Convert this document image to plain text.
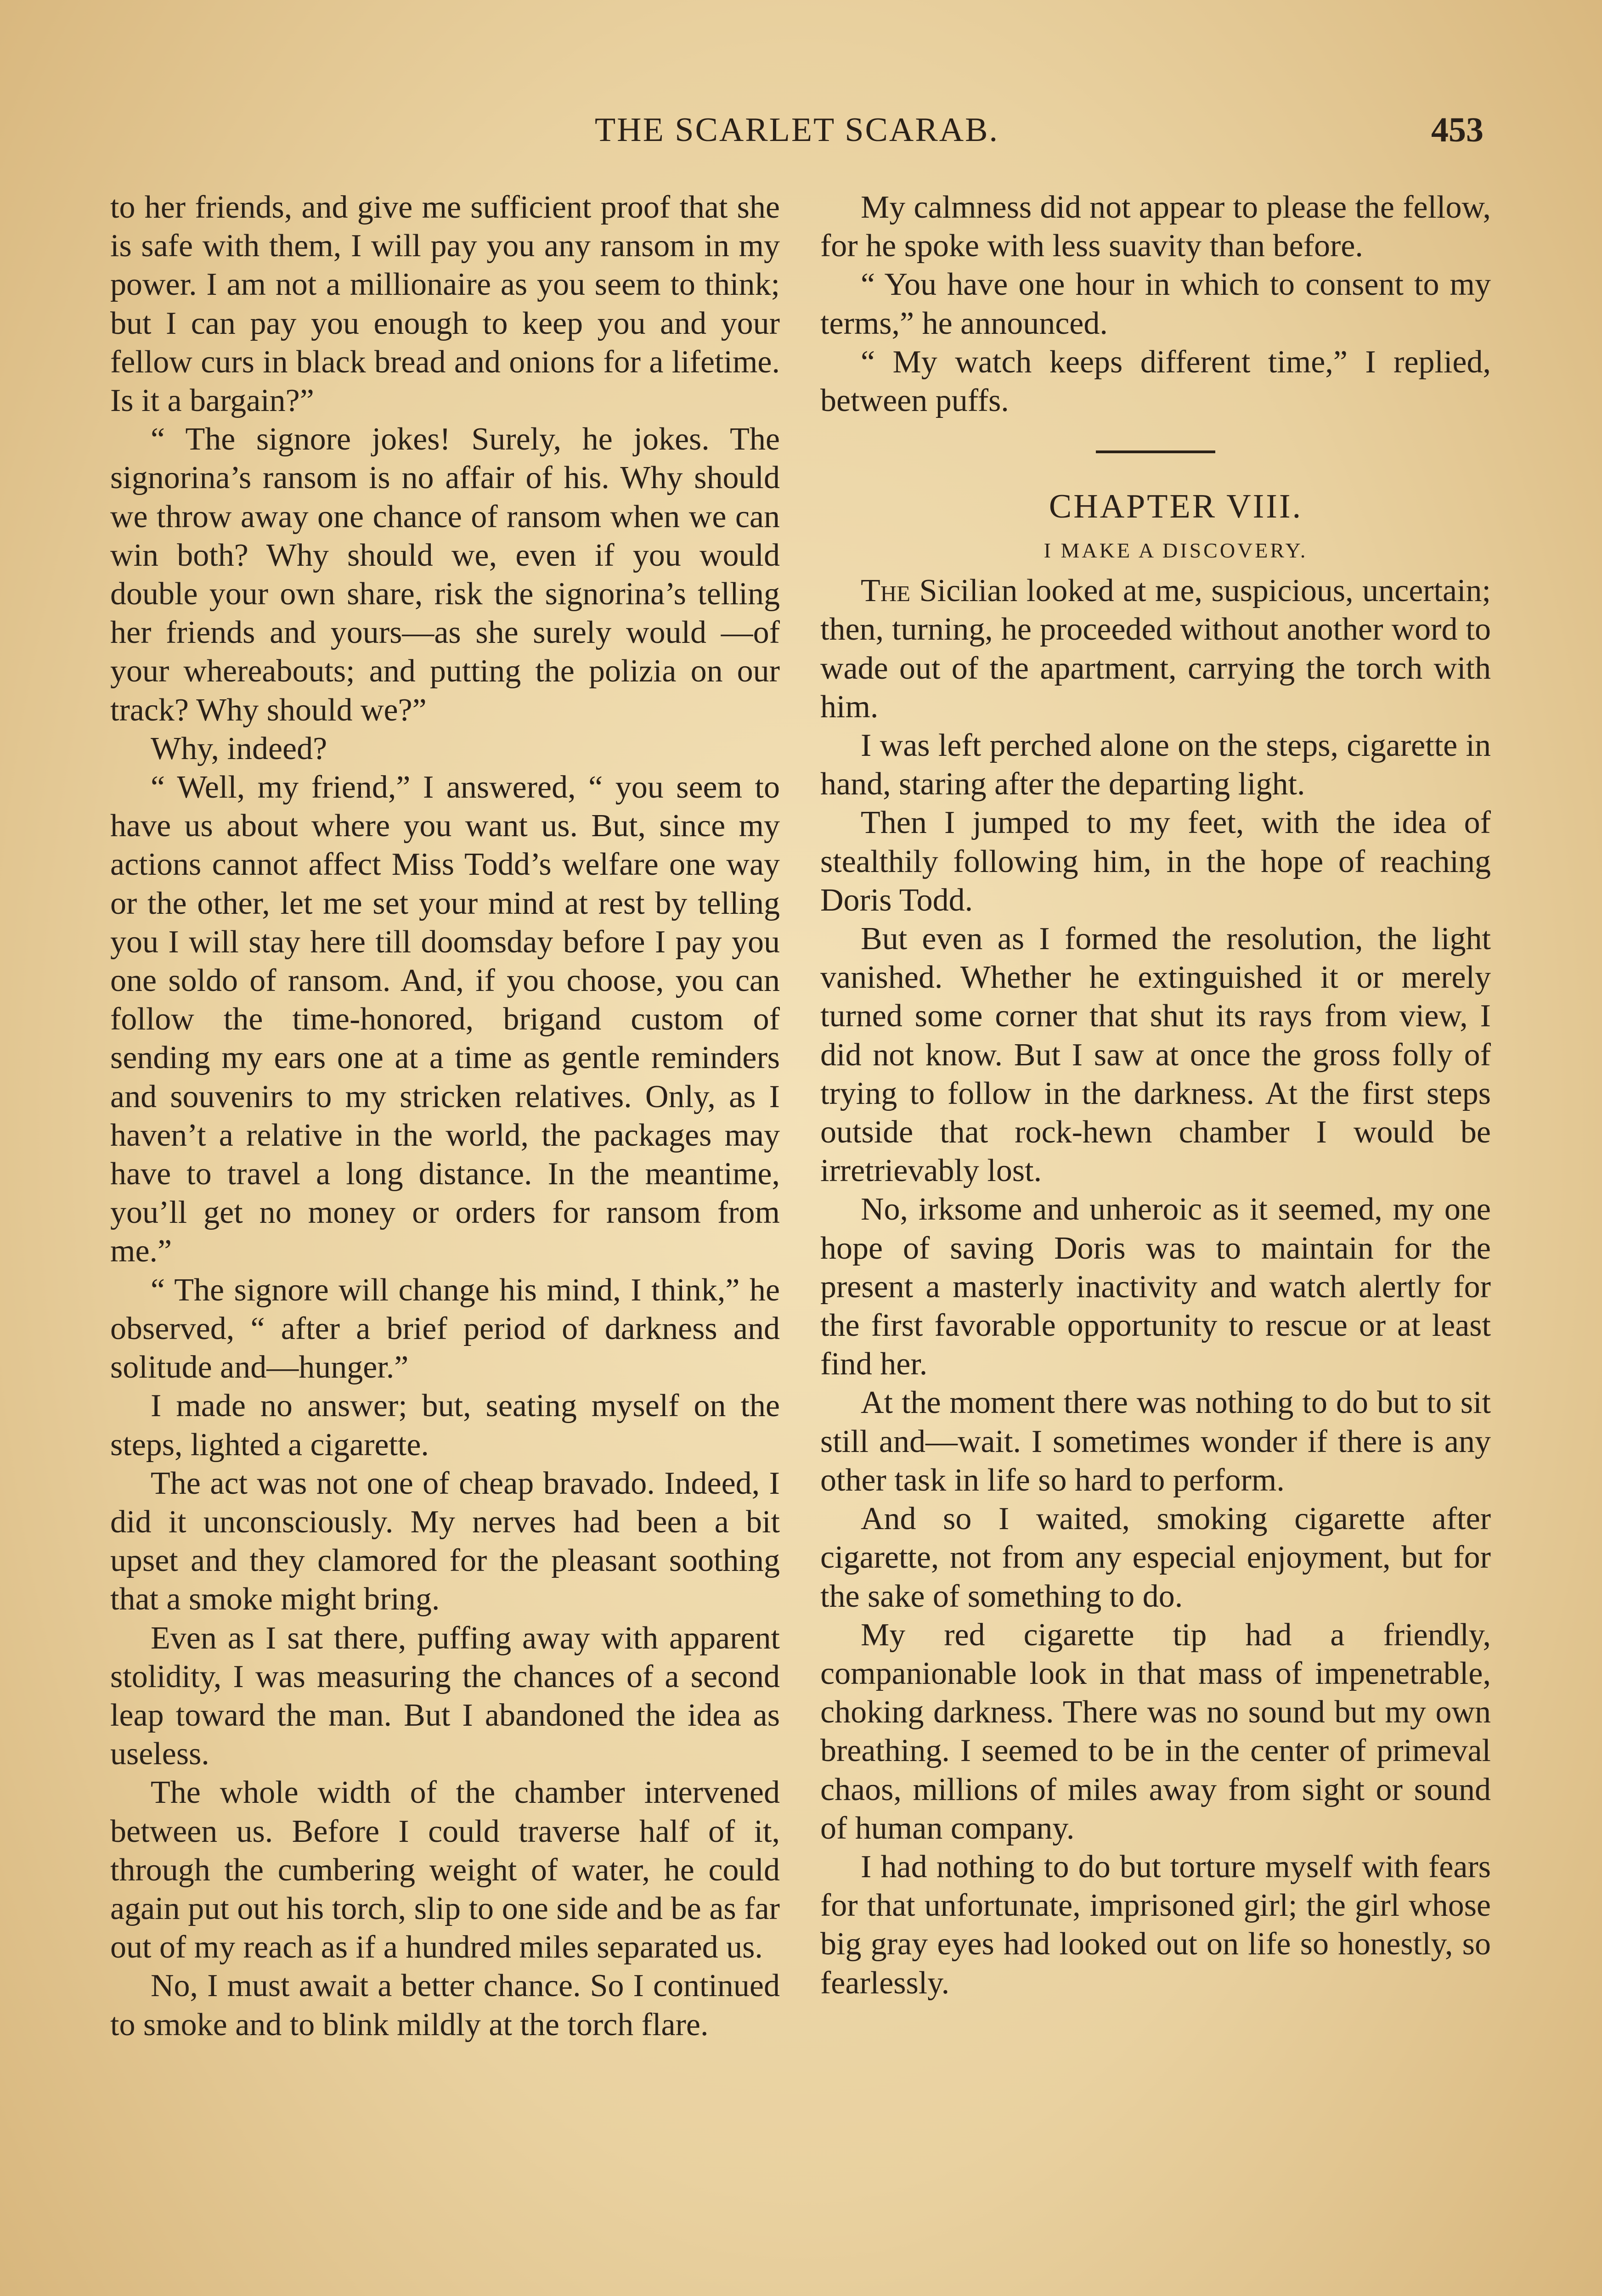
THE SCARLET SCARAB.	453

to her friends, and give me sufficient proof that she is safe with them, I will pay you any ransom in my power. I am not a millionaire as you seem to think; but I can pay you enough to keep you and your fellow curs in black bread and onions for a lifetime. Is it a bargain?”

“ The signore jokes! Surely, he jokes. The signorina’s ransom is no affair of his. Why should we throw away one chance of ransom when we can win both? Why should we, even if you would double your own share, risk the signorina’s telling her friends and yours—as she surely would —of your whereabouts; and putting the polizia on our track? Why should we?”

Why, indeed?

“ Well, my friend,” I answered, “ you seem to have us about where you want us. But, since my actions cannot affect Miss Todd’s welfare one way or the other, let me set your mind at rest by telling you I will stay here till doomsday before I pay you one soldo of ransom. And, if you choose, you can follow the time-honored, brigand custom of sending my ears one at a time as gentle reminders and souvenirs to my stricken relatives. Only, as I haven’t a relative in the world, the packages may have to travel a long distance. In the meantime, you’ll get no money or orders for ransom from me.”

“ The signore will change his mind, I think,” he observed, “ after a brief period of darkness and solitude and—hunger.”

I made no answer; but, seating myself on the steps, lighted a cigarette.

The act was not one of cheap bravado. Indeed, I did it unconsciously. My nerves had been a bit upset and they clamored for the pleasant soothing that a smoke might bring.

Even as I sat there, puffing away with apparent stolidity, I was measuring the chances of a second leap toward the man. But I abandoned the idea as useless.

The whole width of the chamber intervened between us. Before I could traverse half of it, through the cumbering weight of water, he could again put out his torch, slip to one side and be as far out of my reach as if a hundred miles separated us.

No, I must await a better chance. So I continued to smoke and to blink mildly at the torch flare.

My calmness did not appear to please the fellow, for he spoke with less suavity than before.

“ You have one hour in which to consent to my terms,” he announced.

“ My watch keeps different time,” I replied, between puffs.

CHAPTER VIII.

I MAKE A DISCOVERY.

The Sicilian looked at me, suspicious, uncertain; then, turning, he proceeded without another word to wade out of the apartment, carrying the torch with him.

I was left perched alone on the steps, cigarette in hand, staring after the departing light.

Then I jumped to my feet, with the idea of stealthily following him, in the hope of reaching Doris Todd.

But even as I formed the resolution, the light vanished. Whether he extinguished it or merely turned some corner that shut its rays from view, I did not know. But I saw at once the gross folly of trying to follow in the darkness. At the first steps outside that rock-hewn chamber I would be irretrievably lost.

No, irksome and unheroic as it seemed, my one hope of saving Doris was to maintain for the present a masterly inactivity and watch alertly for the first favorable opportunity to rescue or at least find her.

At the moment there was nothing to do but to sit still and—wait. I sometimes wonder if there is any other task in life so hard to perform.

And so I waited, smoking cigarette after cigarette, not from any especial enjoyment, but for the sake of something to do.

My red cigarette tip had a friendly, companionable look in that mass of impenetrable, choking darkness. There was no sound but my own breathing. I seemed to be in the center of primeval chaos, millions of miles away from sight or sound of human company.

I had nothing to do but torture myself with fears for that unfortunate, imprisoned girl; the girl whose big gray eyes had looked out on life so honestly, so fearlessly.
